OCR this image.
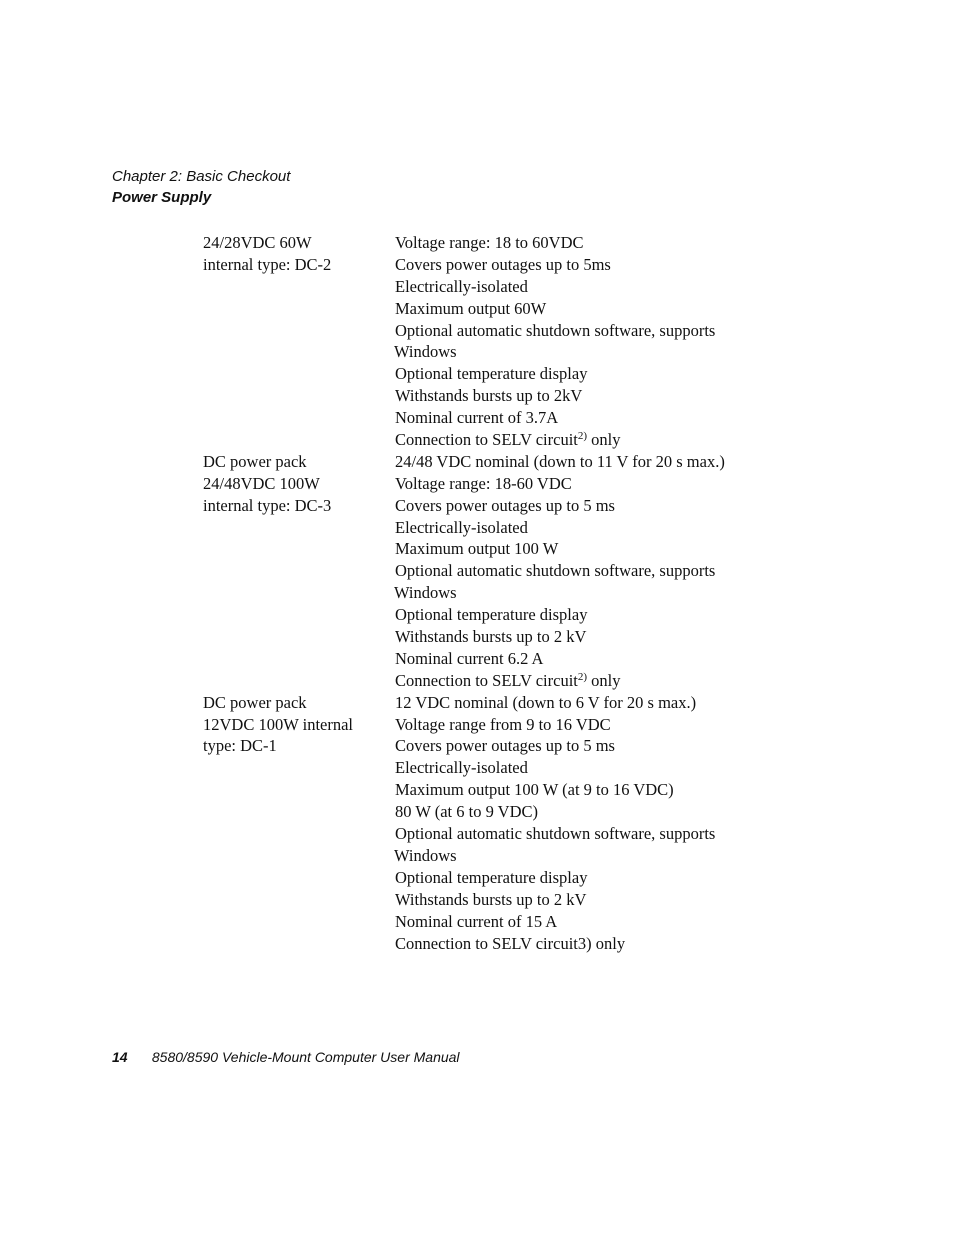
Chapter 2: Basic Checkout
Power Supply
24/28VDC 60W
internal type: DC-2
Voltage range: 18 to 60VDC
Covers power outages up to 5ms
Electrically-isolated
Maximum output 60W
Optional automatic shutdown software, supports
Windows
Optional temperature display
Withstands bursts up to 2kV
Nominal current of 3.7A
Connection to SELV circuit$^{2)}$ only
DC power pack
24/48VDC 100W
internal type: DC-3
24/48 VDC nominal (down to 11 V for 20 s max.)
Voltage range: 18-60 VDC
Covers power outages up to 5 ms
Electrically-isolated
Maximum output 100 W
Optional automatic shutdown software, supports
Windows
Optional temperature display
Withstands bursts up to 2 kV
Nominal current 6.2 A
Connection to SELV circuit$^{2)}$ only
DC power pack
12VDC 100W internal
type: DC-1
12 VDC nominal (down to 6 V for 20 s max.)
Voltage range from 9 to 16 VDC
Covers power outages up to 5 ms
Electrically-isolated
Maximum output 100 W (at 9 to 16 VDC)
80 W (at 6 to 9 VDC)
Optional automatic shutdown software, supports
Windows
Optional temperature display
Withstands bursts up to 2 kV
Nominal current of 15 A
Connection to SELV circuit3) only
14 8580/8590 Vehicle-Mount Computer User Manual
